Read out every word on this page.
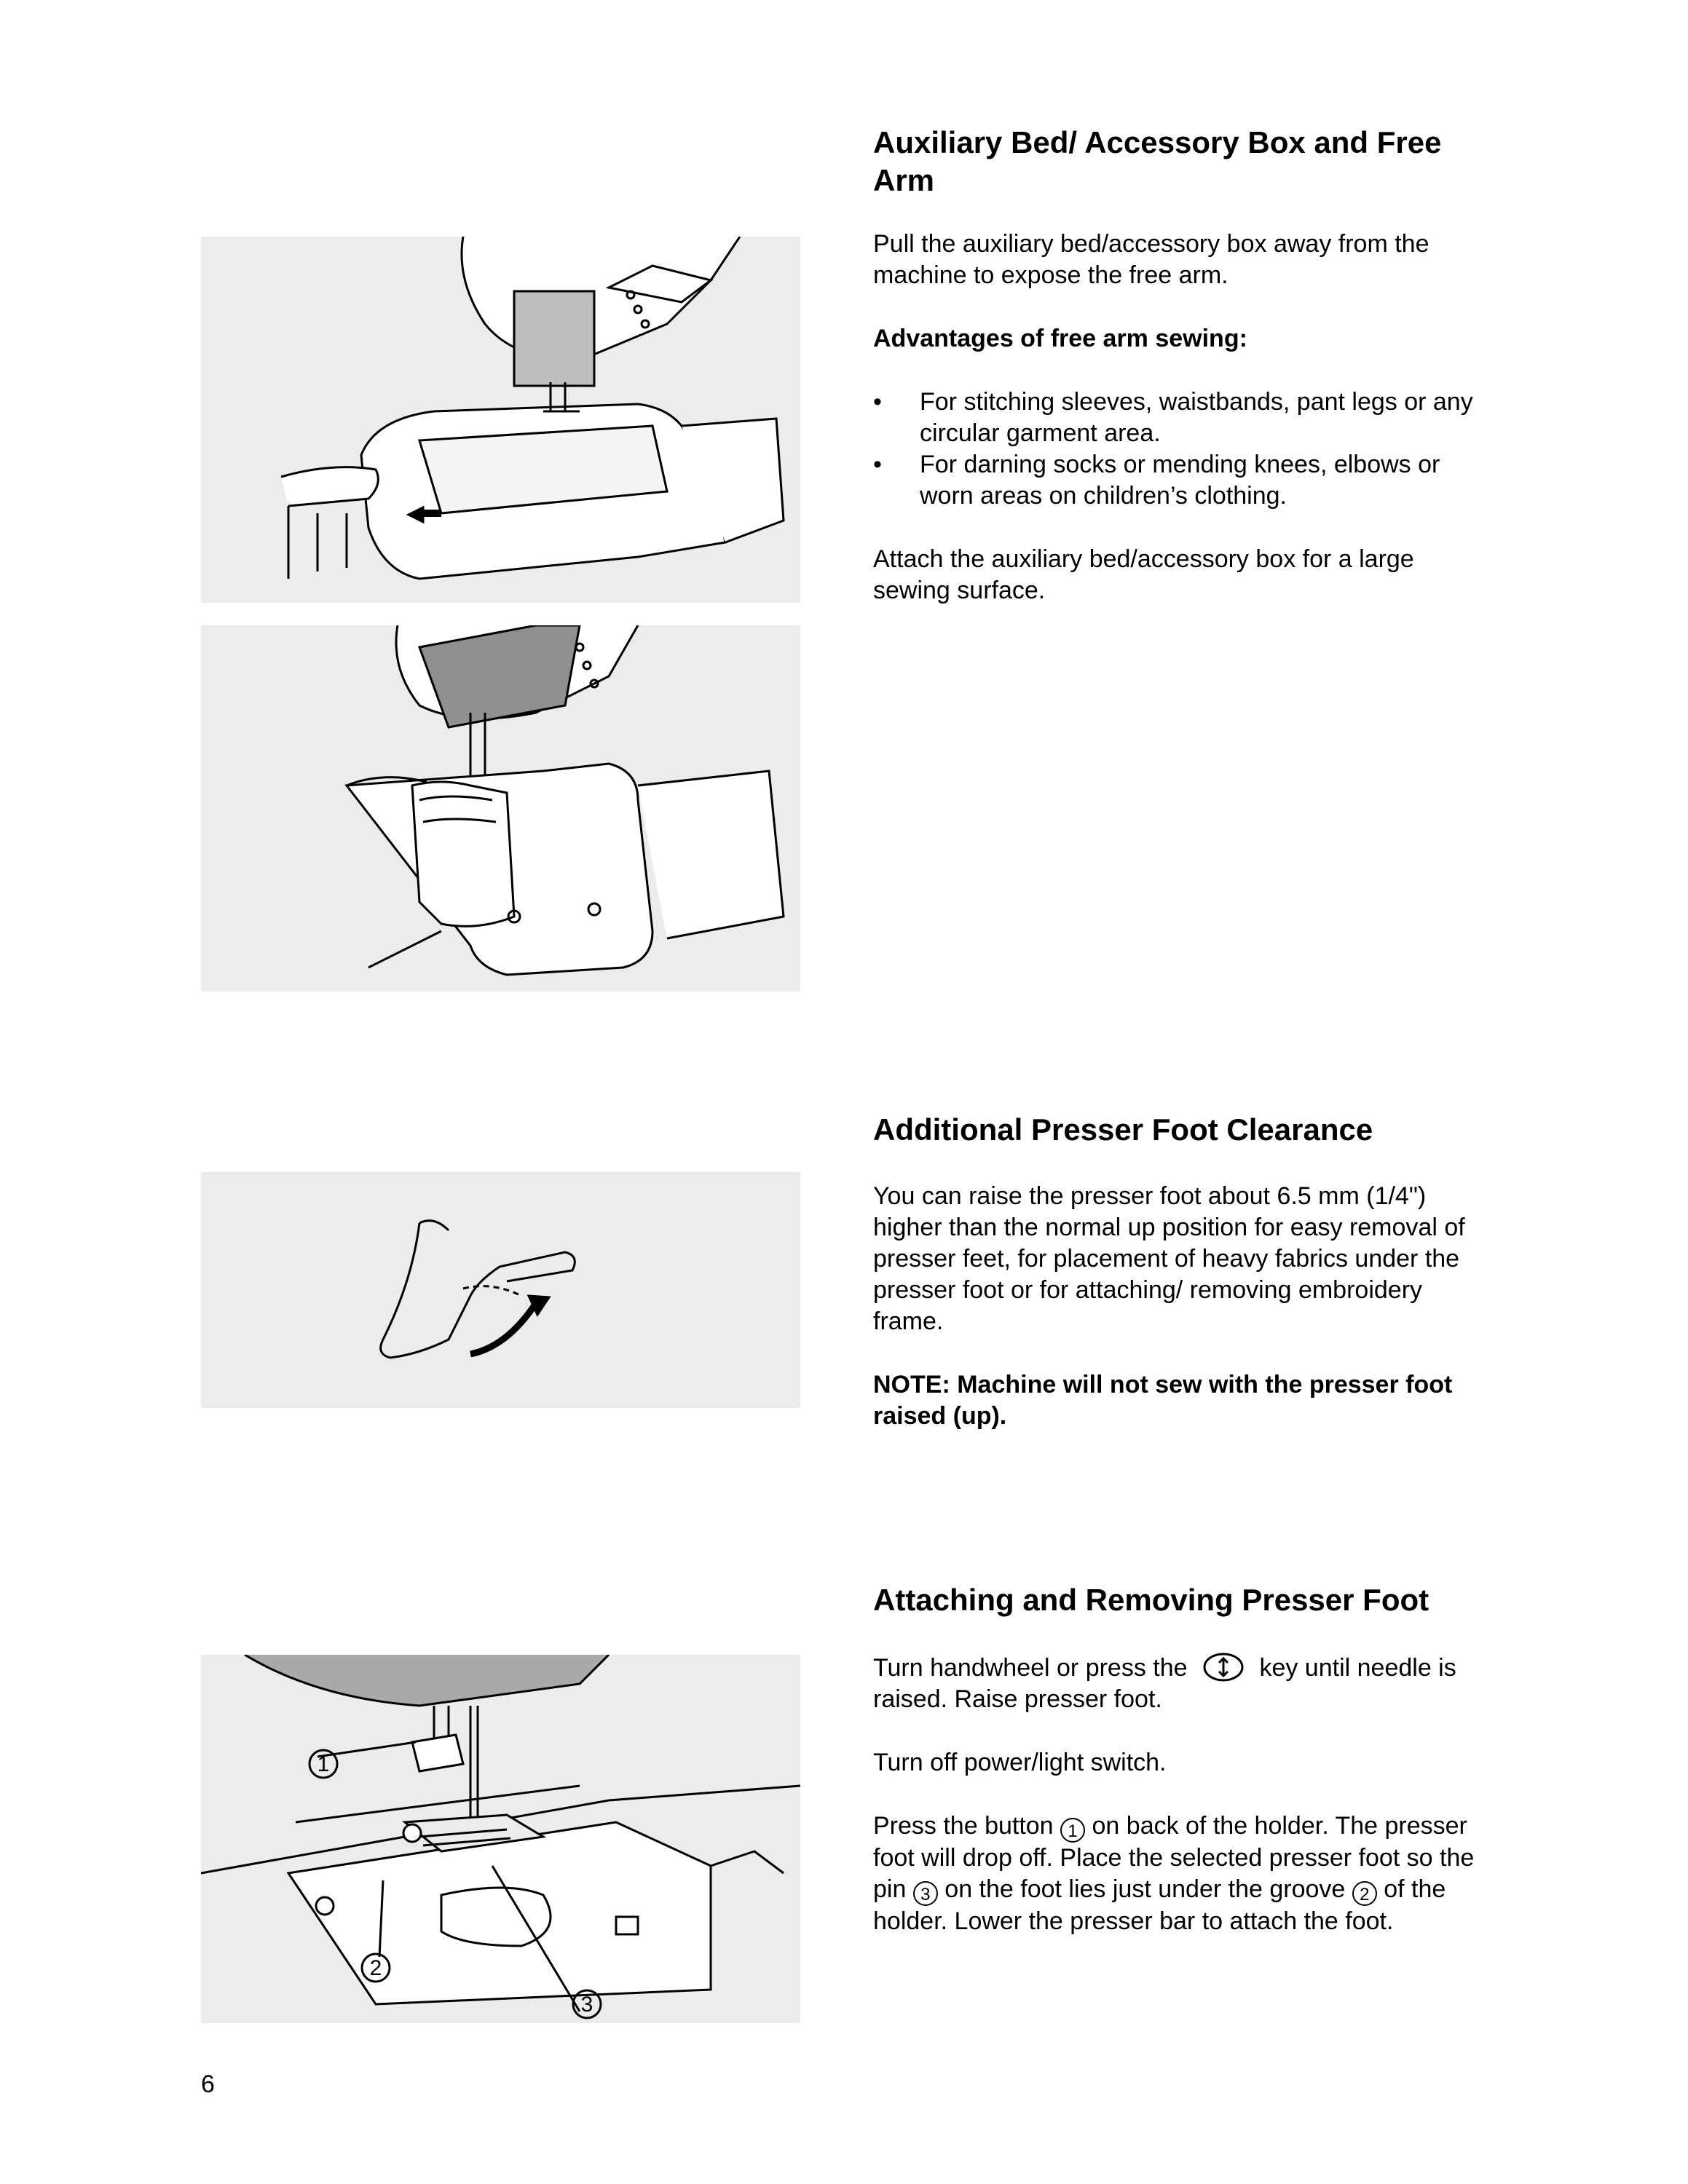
1
2
3
Auxiliary Bed/ Accessory Box and Free Arm

Pull the auxiliary bed/accessory box away from the machine to expose the free arm.

Advantages of free arm sewing:

• For stitching sleeves, waistbands, pant legs or any circular garment area.
• For darning socks or mending knees, elbows or worn areas on children’s clothing.

Attach the auxiliary bed/accessory box for a large sewing surface.

Additional Presser Foot Clearance

You can raise the presser foot about 6.5 mm (1/4") higher than the normal up position for easy removal of presser feet, for placement of heavy fabrics under the presser foot or for attaching/ removing embroidery frame.

NOTE: Machine will not sew with the presser foot raised (up).

Attaching and Removing Presser Foot

Turn handwheel or press the	key until needle is raised. Raise presser foot.

Turn off power/light switch.

Press the button 1 on back of the holder. The presser foot will drop off. Place the selected presser foot so the pin 3 on the foot lies just under the groove 2 of the holder. Lower the presser bar to attach the foot.

6
